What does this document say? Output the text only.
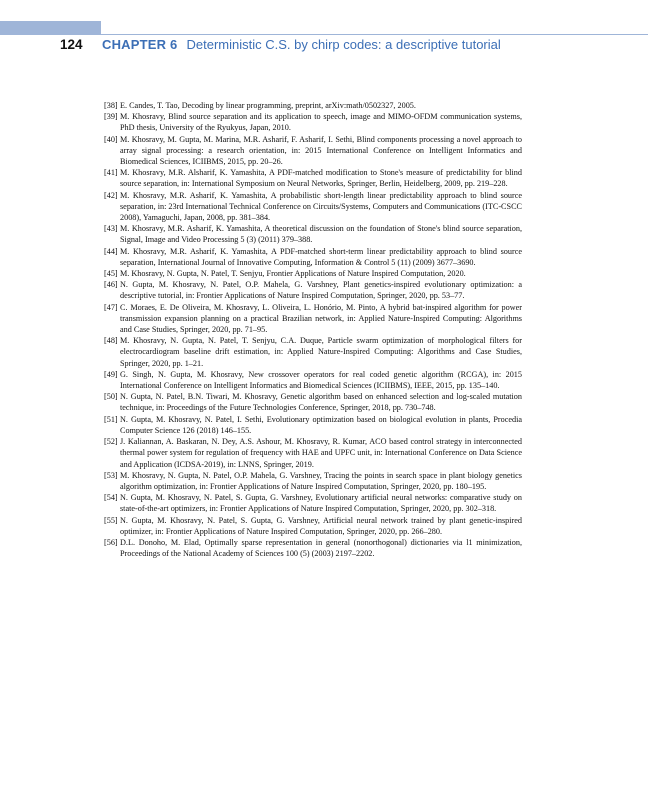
124	CHAPTER 6 Deterministic C.S. by chirp codes: a descriptive tutorial
[38] E. Candes, T. Tao, Decoding by linear programming, preprint, arXiv:math/0502327, 2005.
[39] M. Khosravy, Blind source separation and its application to speech, image and MIMO-OFDM communication systems, PhD thesis, University of the Ryukyus, Japan, 2010.
[40] M. Khosravy, M. Gupta, M. Marina, M.R. Asharif, F. Asharif, I. Sethi, Blind components processing a novel approach to array signal processing: a research orientation, in: 2015 International Conference on Intelligent Informatics and Biomedical Sciences, ICIIBMS, 2015, pp. 20–26.
[41] M. Khosravy, M.R. Alsharif, K. Yamashita, A PDF-matched modification to Stone's measure of predictability for blind source separation, in: International Symposium on Neural Networks, Springer, Berlin, Heidelberg, 2009, pp. 219–228.
[42] M. Khosravy, M.R. Asharif, K. Yamashita, A probabilistic short-length linear predictability approach to blind source separation, in: 23rd International Technical Conference on Circuits/Systems, Computers and Communications (ITC-CSCC 2008), Yamaguchi, Japan, 2008, pp. 381–384.
[43] M. Khosravy, M.R. Asharif, K. Yamashita, A theoretical discussion on the foundation of Stone's blind source separation, Signal, Image and Video Processing 5 (3) (2011) 379–388.
[44] M. Khosravy, M.R. Asharif, K. Yamashita, A PDF-matched short-term linear predictability approach to blind source separation, International Journal of Innovative Computing, Information & Control 5 (11) (2009) 3677–3690.
[45] M. Khosravy, N. Gupta, N. Patel, T. Senjyu, Frontier Applications of Nature Inspired Computation, 2020.
[46] N. Gupta, M. Khosravy, N. Patel, O.P. Mahela, G. Varshney, Plant genetics-inspired evolutionary optimization: a descriptive tutorial, in: Frontier Applications of Nature Inspired Computation, Springer, 2020, pp. 53–77.
[47] C. Moraes, E. De Oliveira, M. Khosravy, L. Oliveira, L. Honório, M. Pinto, A hybrid bat-inspired algorithm for power transmission expansion planning on a practical Brazilian network, in: Applied Nature-Inspired Computing: Algorithms and Case Studies, Springer, 2020, pp. 71–95.
[48] M. Khosravy, N. Gupta, N. Patel, T. Senjyu, C.A. Duque, Particle swarm optimization of morphological filters for electrocardiogram baseline drift estimation, in: Applied Nature-Inspired Computing: Algorithms and Case Studies, Springer, 2020, pp. 1–21.
[49] G. Singh, N. Gupta, M. Khosravy, New crossover operators for real coded genetic algorithm (RCGA), in: 2015 International Conference on Intelligent Informatics and Biomedical Sciences (ICIIBMS), IEEE, 2015, pp. 135–140.
[50] N. Gupta, N. Patel, B.N. Tiwari, M. Khosravy, Genetic algorithm based on enhanced selection and log-scaled mutation technique, in: Proceedings of the Future Technologies Conference, Springer, 2018, pp. 730–748.
[51] N. Gupta, M. Khosravy, N. Patel, I. Sethi, Evolutionary optimization based on biological evolution in plants, Procedia Computer Science 126 (2018) 146–155.
[52] J. Kaliannan, A. Baskaran, N. Dey, A.S. Ashour, M. Khosravy, R. Kumar, ACO based control strategy in interconnected thermal power system for regulation of frequency with HAE and UPFC unit, in: International Conference on Data Science and Application (ICDSA-2019), in: LNNS, Springer, 2019.
[53] M. Khosravy, N. Gupta, N. Patel, O.P. Mahela, G. Varshney, Tracing the points in search space in plant biology genetics algorithm optimization, in: Frontier Applications of Nature Inspired Computation, Springer, 2020, pp. 180–195.
[54] N. Gupta, M. Khosravy, N. Patel, S. Gupta, G. Varshney, Evolutionary artificial neural networks: comparative study on state-of-the-art optimizers, in: Frontier Applications of Nature Inspired Computation, Springer, 2020, pp. 302–318.
[55] N. Gupta, M. Khosravy, N. Patel, S. Gupta, G. Varshney, Artificial neural network trained by plant genetic-inspired optimizer, in: Frontier Applications of Nature Inspired Computation, Springer, 2020, pp. 266–280.
[56] D.L. Donoho, M. Elad, Optimally sparse representation in general (nonorthogonal) dictionaries via l1 minimization, Proceedings of the National Academy of Sciences 100 (5) (2003) 2197–2202.
